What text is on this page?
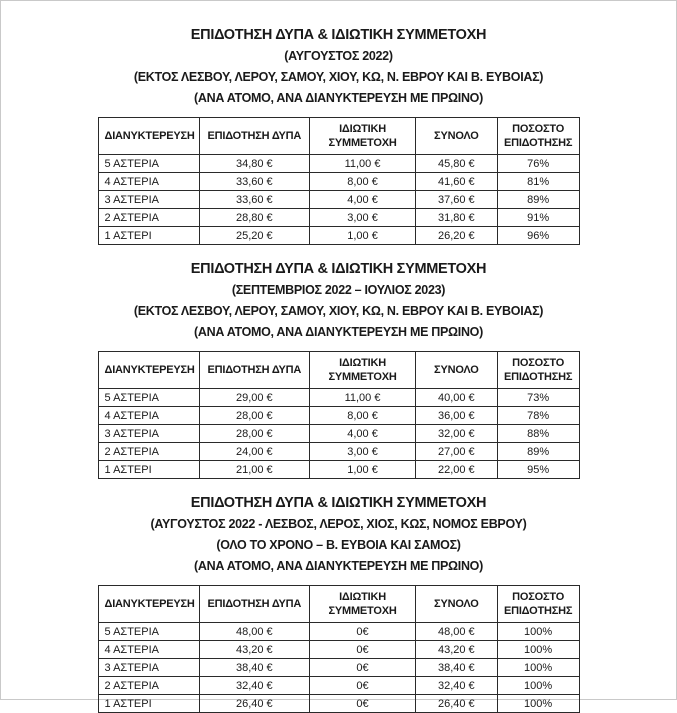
ΕΠΙΔΟΤΗΣΗ ΔΥΠΑ & ΙΔΙΩΤΙΚΗ ΣΥΜΜΕΤΟΧΗ
(ΑΥΓΟΥΣΤΟΣ 2022)
(ΕΚΤΟΣ ΛΕΣΒΟΥ, ΛΕΡΟΥ, ΣΑΜΟΥ, ΧΙΟΥ, ΚΩ, Ν. ΕΒΡΟΥ ΚΑΙ Β. ΕΥΒΟΙΑΣ)
(ΑΝΑ ΑΤΟΜΟ, ΑΝΑ ΔΙΑΝΥΚΤΕΡΕΥΣΗ ΜΕ ΠΡΩΙΝΟ)
ΔΙΑΝΥΚΤΕΡΕΥΣΗ	ΕΠΙΔΟΤΗΣΗ ΔΥΠΑ	ΙΔΙΩΤΙΚΗ ΣΥΜΜΕΤΟΧΗ	ΣΥΝΟΛΟ	ΠΟΣΟΣΤΟ ΕΠΙΔΟΤΗΣΗΣ
5 ΑΣΤΕΡΙΑ	34,80 €	11,00 €	45,80 €	76%
4 ΑΣΤΕΡΙΑ	33,60 €	8,00 €	41,60 €	81%
3 ΑΣΤΕΡΙΑ	33,60 €	4,00 €	37,60 €	89%
2 ΑΣΤΕΡΙΑ	28,80 €	3,00 €	31,80 €	91%
1 ΑΣΤΕΡΙ	25,20 €	1,00 €	26,20 €	96%
ΕΠΙΔΟΤΗΣΗ ΔΥΠΑ & ΙΔΙΩΤΙΚΗ ΣΥΜΜΕΤΟΧΗ
(ΣΕΠΤΕΜΒΡΙΟΣ 2022 – ΙΟΥΛΙΟΣ 2023)
(ΕΚΤΟΣ ΛΕΣΒΟΥ, ΛΕΡΟΥ, ΣΑΜΟΥ, ΧΙΟΥ, ΚΩ, Ν. ΕΒΡΟΥ ΚΑΙ Β. ΕΥΒΟΙΑΣ)
(ΑΝΑ ΑΤΟΜΟ, ΑΝΑ ΔΙΑΝΥΚΤΕΡΕΥΣΗ ΜΕ ΠΡΩΙΝΟ)
ΔΙΑΝΥΚΤΕΡΕΥΣΗ	ΕΠΙΔΟΤΗΣΗ ΔΥΠΑ	ΙΔΙΩΤΙΚΗ ΣΥΜΜΕΤΟΧΗ	ΣΥΝΟΛΟ	ΠΟΣΟΣΤΟ ΕΠΙΔΟΤΗΣΗΣ
5 ΑΣΤΕΡΙΑ	29,00 €	11,00 €	40,00 €	73%
4 ΑΣΤΕΡΙΑ	28,00 €	8,00 €	36,00 €	78%
3 ΑΣΤΕΡΙΑ	28,00 €	4,00 €	32,00 €	88%
2 ΑΣΤΕΡΙΑ	24,00 €	3,00 €	27,00 €	89%
1 ΑΣΤΕΡΙ	21,00 €	1,00 €	22,00 €	95%
ΕΠΙΔΟΤΗΣΗ ΔΥΠΑ & ΙΔΙΩΤΙΚΗ ΣΥΜΜΕΤΟΧΗ
(ΑΥΓΟΥΣΤΟΣ 2022 - ΛΕΣΒΟΣ, ΛΕΡΟΣ, ΧΙΟΣ, ΚΩΣ, ΝΟΜΟΣ ΕΒΡΟΥ)
(ΟΛΟ ΤΟ ΧΡΟΝΟ – Β. ΕΥΒΟΙΑ ΚΑΙ ΣΑΜΟΣ)
(ΑΝΑ ΑΤΟΜΟ, ΑΝΑ ΔΙΑΝΥΚΤΕΡΕΥΣΗ ΜΕ ΠΡΩΙΝΟ)
ΔΙΑΝΥΚΤΕΡΕΥΣΗ	ΕΠΙΔΟΤΗΣΗ ΔΥΠΑ	ΙΔΙΩΤΙΚΗ ΣΥΜΜΕΤΟΧΗ	ΣΥΝΟΛΟ	ΠΟΣΟΣΤΟ ΕΠΙΔΟΤΗΣΗΣ
5 ΑΣΤΕΡΙΑ	48,00 €	0€	48,00 €	100%
4 ΑΣΤΕΡΙΑ	43,20 €	0€	43,20 €	100%
3 ΑΣΤΕΡΙΑ	38,40 €	0€	38,40 €	100%
2 ΑΣΤΕΡΙΑ	32,40 €	0€	32,40 €	100%
1 ΑΣΤΕΡΙ	26,40 €	0€	26,40 €	100%
